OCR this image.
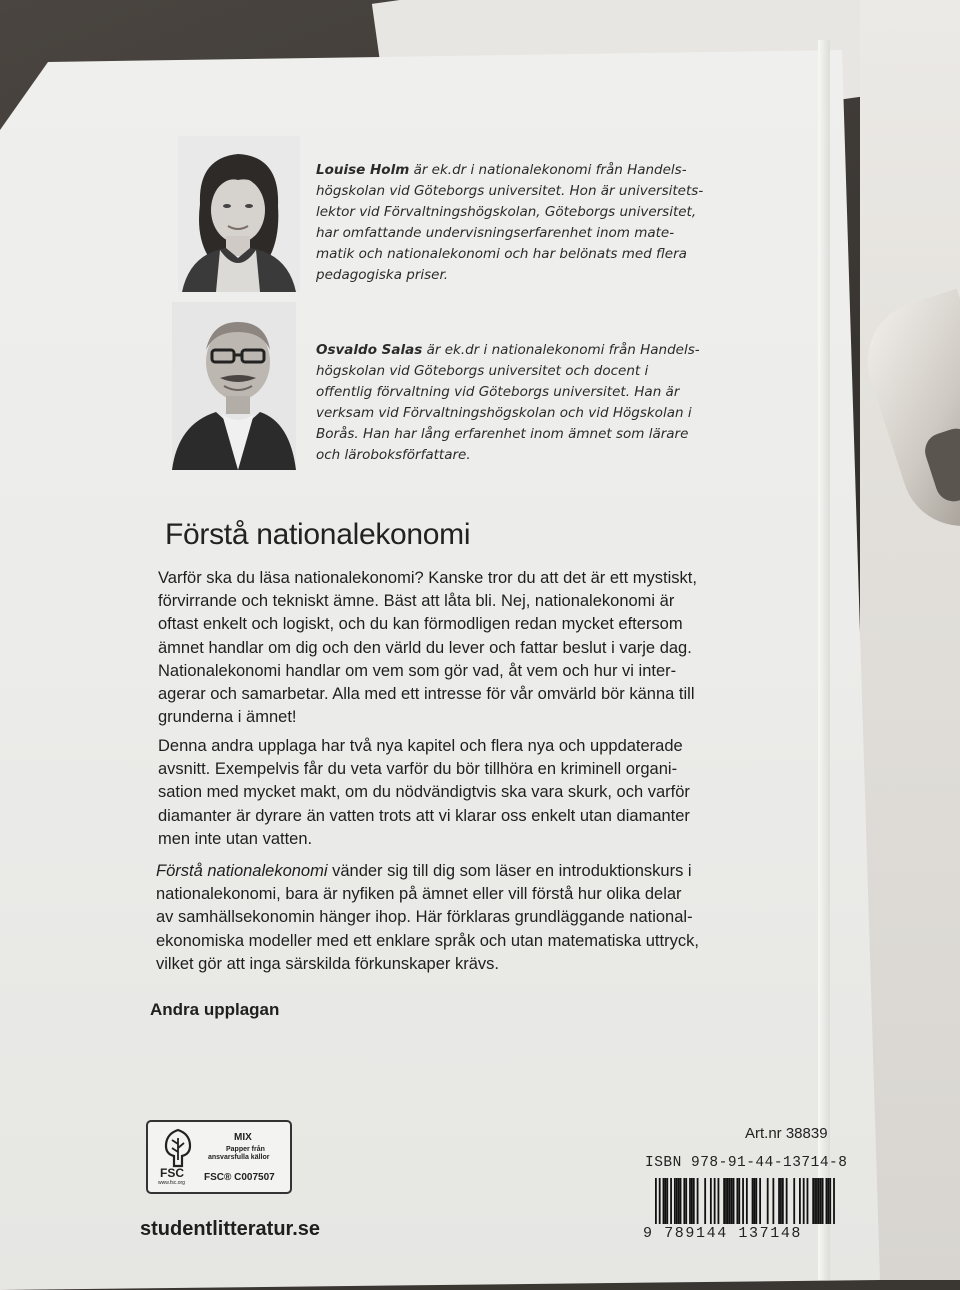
Louise Holm är ek.dr i nationalekonomi från Handels-
högskolan vid Göteborgs universitet. Hon är universitets-
lektor vid Förvaltningshögskolan, Göteborgs universitet,
har omfattande undervisningserfarenhet inom mate-
matik och nationalekonomi och har belönats med flera
pedagogiska priser.
Osvaldo Salas är ek.dr i nationalekonomi från Handels-
högskolan vid Göteborgs universitet och docent i
offentlig förvaltning vid Göteborgs universitet. Han är
verksam vid Förvaltningshögskolan och vid Högskolan i
Borås. Han har lång erfarenhet inom ämnet som lärare
och läroboksförfattare.
Förstå nationalekonomi
Varför ska du läsa nationalekonomi? Kanske tror du att det är ett mystiskt,
förvirrande och tekniskt ämne. Bäst att låta bli. Nej, nationalekonomi är
oftast enkelt och logiskt, och du kan förmodligen redan mycket eftersom
ämnet handlar om dig och den värld du lever och fattar beslut i varje dag.
Nationalekonomi handlar om vem som gör vad, åt vem och hur vi inter-
agerar och samarbetar. Alla med ett intresse för vår omvärld bör känna till
grunderna i ämnet!
Denna andra upplaga har två nya kapitel och flera nya och uppdaterade
avsnitt. Exempelvis får du veta varför du bör tillhöra en kriminell organi-
sation med mycket makt, om du nödvändigtvis ska vara skurk, och varför
diamanter är dyrare än vatten trots att vi klarar oss enkelt utan diamanter
men inte utan vatten.
Förstå nationalekonomi vänder sig till dig som läser en introduktionskurs i
nationalekonomi, bara är nyfiken på ämnet eller vill förstå hur olika delar
av samhällsekonomin hänger ihop. Här förklaras grundläggande national-
ekonomiska modeller med ett enklare språk och utan matematiska uttryck,
vilket gör att inga särskilda förkunskaper krävs.
Andra upplagan
FSC
www.fsc.org
MIX
Papper från
ansvarsfulla källor
FSC® C007507
studentlitteratur.se
Art.nr 38839
ISBN 978-91-44-13714-8
9 789144 137148
